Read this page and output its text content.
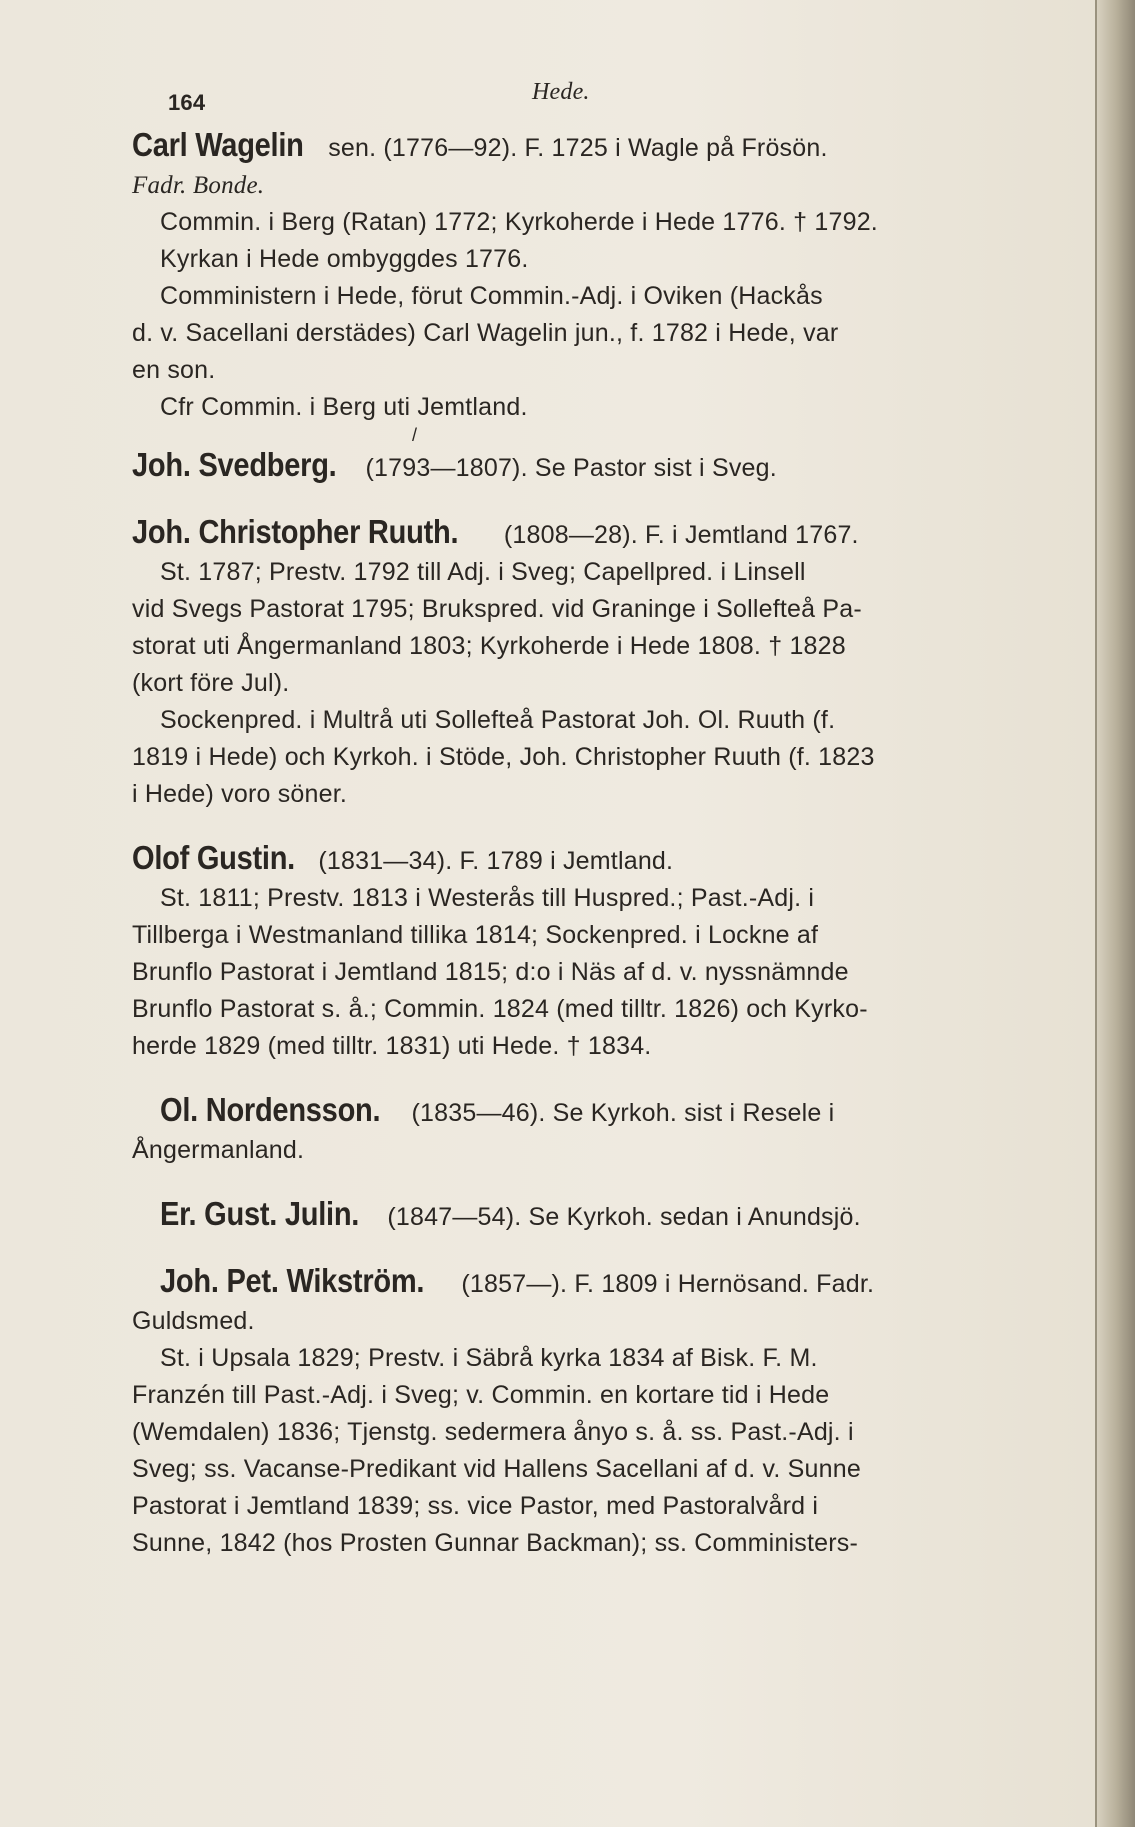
164	Hede.

Carl Wagelin sen. (1776—92). F. 1725 i Wagle på Frösön.

Fadr. Bonde.

Commin. i Berg (Ratan) 1772; Kyrkoherde i Hede 1776. † 1792.

Kyrkan i Hede ombyggdes 1776.

Comministern i Hede, förut Commin.-Adj. i Oviken (Hackås

d. v. Sacellani derstädes) Carl Wagelin jun., f. 1782 i Hede, var

en son.

Cfr Commin. i Berg uti Jemtland.

/

Joh. Svedberg. (1793—1807). Se Pastor sist i Sveg.

Joh. Christopher Ruuth. (1808—28). F. i Jemtland 1767.

St. 1787; Prestv. 1792 till Adj. i Sveg; Capellpred. i Linsell

vid Svegs Pastorat 1795; Brukspred. vid Graninge i Sollefteå Pa-

storat uti Ångermanland 1803; Kyrkoherde i Hede 1808. † 1828

(kort före Jul).

Sockenpred. i Multrå uti Sollefteå Pastorat Joh. Ol. Ruuth (f.

1819 i Hede) och Kyrkoh. i Stöde, Joh. Christopher Ruuth (f. 1823

i Hede) voro söner.

Olof Gustin. (1831—34). F. 1789 i Jemtland.

St. 1811; Prestv. 1813 i Westerås till Huspred.; Past.-Adj. i

Tillberga i Westmanland tillika 1814; Sockenpred. i Lockne af

Brunflo Pastorat i Jemtland 1815; d:o i Näs af d. v. nyssnämnde

Brunflo Pastorat s. å.; Commin. 1824 (med tilltr. 1826) och Kyrko-

herde 1829 (med tilltr. 1831) uti Hede. † 1834.

Ol. Nordensson. (1835—46). Se Kyrkoh. sist i Resele i

Ångermanland.

Er. Gust. Julin. (1847—54). Se Kyrkoh. sedan i Anundsjö.

Joh. Pet. Wikström. (1857—). F. 1809 i Hernösand. Fadr.

Guldsmed.

St. i Upsala 1829; Prestv. i Säbrå kyrka 1834 af Bisk. F. M.

Franzén till Past.-Adj. i Sveg; v. Commin. en kortare tid i Hede

(Wemdalen) 1836; Tjenstg. sedermera ånyo s. å. ss. Past.-Adj. i

Sveg; ss. Vacanse-Predikant vid Hallens Sacellani af d. v. Sunne

Pastorat i Jemtland 1839; ss. vice Pastor, med Pastoralvård i

Sunne, 1842 (hos Prosten Gunnar Backman); ss. Comministers-
